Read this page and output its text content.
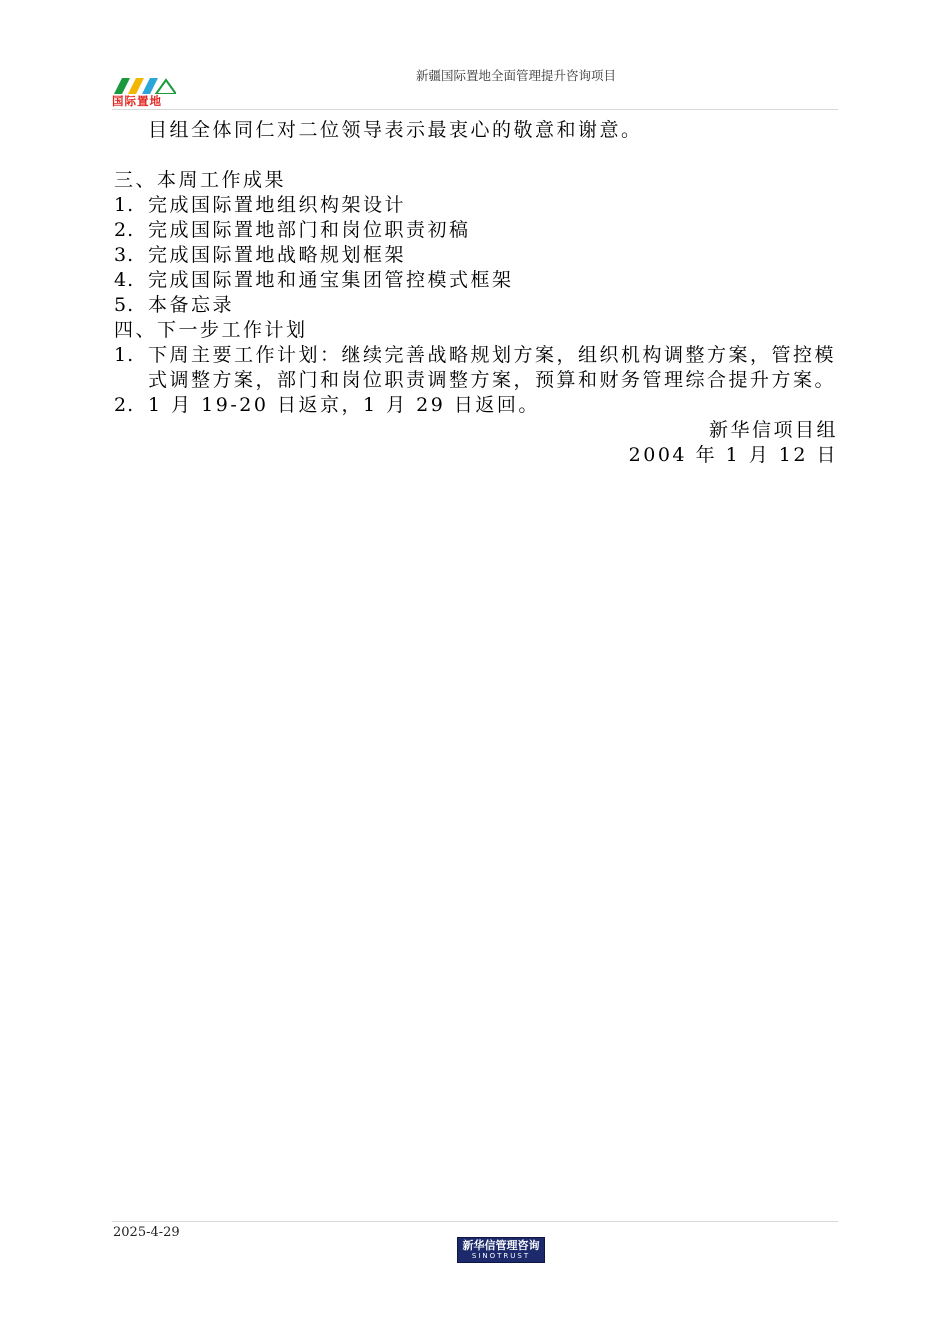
国际置地
新疆国际置地全面管理提升咨询项目
目组全体同仁对二位领导表示最衷心的敬意和谢意。
三、本周工作成果
1. 完成国际置地组织构架设计
2. 完成国际置地部门和岗位职责初稿
3. 完成国际置地战略规划框架
4. 完成国际置地和通宝集团管控模式框架
5. 本备忘录
四、下一步工作计划
1. 下周主要工作计划：继续完善战略规划方案，组织机构调整方案，管控模式调整方案，部门和岗位职责调整方案，预算和财务管理综合提升方案。
2. 1 月 19-20 日返京，1 月 29 日返回。
新华信项目组
2004 年 1 月 12 日
2025-4-29
新华信管理咨询
SINOTRUST
